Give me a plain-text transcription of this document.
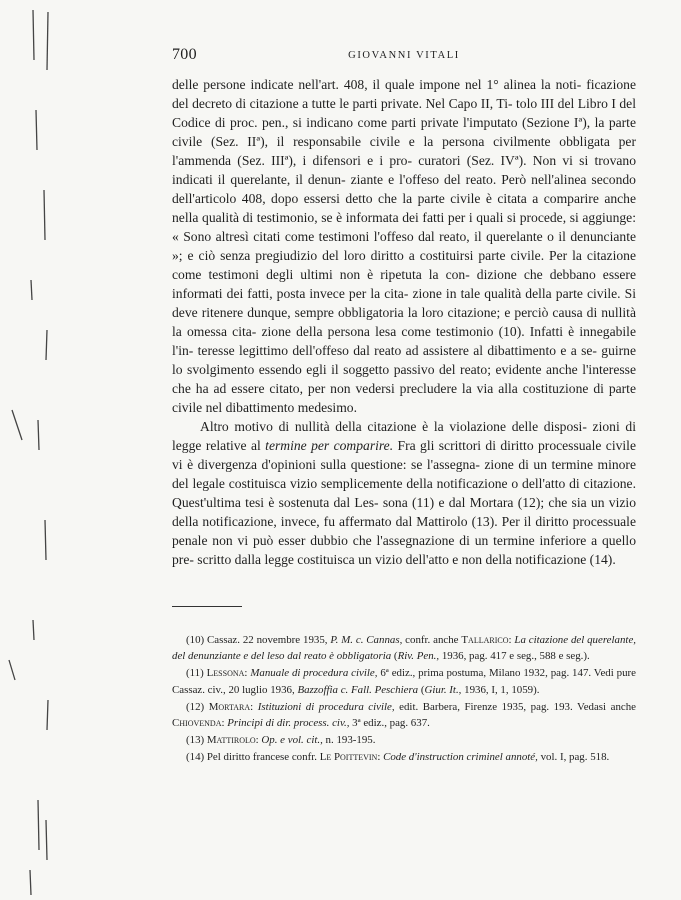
700	GIOVANNI VITALI

delle persone indicate nell'art. 408, il quale impone nel 1° alinea la noti- ficazione del decreto di citazione a tutte le parti private. Nel Capo II, Ti- tolo III del Libro I del Codice di proc. pen., si indicano come parti private l'imputato (Sezione Iª), la parte civile (Sez. IIª), il responsabile civile e la persona civilmente obbligata per l'ammenda (Sez. IIIª), i difensori e i pro- curatori (Sez. IVª). Non vi si trovano indicati il querelante, il denun- ziante e l'offeso del reato. Però nell'alinea secondo dell'articolo 408, dopo essersi detto che la parte civile è citata a comparire anche nella qualità di testimonio, se è informata dei fatti per i quali si procede, si aggiunge: « Sono altresì citati come testimoni l'offeso dal reato, il querelante o il denunciante »; e ciò senza pregiudizio del loro diritto a costituirsi parte civile. Per la citazione come testimoni degli ultimi non è ripetuta la con- dizione che debbano essere informati dei fatti, posta invece per la cita- zione in tale qualità della parte civile. Si deve ritenere dunque, sempre obbligatoria la loro citazione; e perciò causa di nullità la omessa cita- zione della persona lesa come testimonio (10). Infatti è innegabile l'in- teresse legittimo dell'offeso dal reato ad assistere al dibattimento e a se- guirne lo svolgimento essendo egli il soggetto passivo del reato; evidente anche l'interesse che ha ad essere citato, per non vedersi precludere la via alla costituzione di parte civile nel dibattimento medesimo.

Altro motivo di nullità della citazione è la violazione delle disposi- zioni di legge relative al termine per comparire. Fra gli scrittori di diritto processuale civile vi è divergenza d'opinioni sulla questione: se l'assegna- zione di un termine minore del legale costituisca vizio semplicemente della notificazione o dell'atto di citazione. Quest'ultima tesi è sostenuta dal Les- sona (11) e dal Mortara (12); che sia un vizio della notificazione, invece, fu affermato dal Mattirolo (13). Per il diritto processuale penale non vi può esser dubbio che l'assegnazione di un termine inferiore a quello pre- scritto dalla legge costituisca un vizio dell'atto e non della notificazione (14).

(10) Cassaz. 22 novembre 1935, P. M. c. Cannas, confr. anche Tallarico: La citazione del querelante, del denunziante e del leso dal reato è obbligatoria (Riv. Pen., 1936, pag. 417 e seg., 588 e seg.).

(11) Lessona: Manuale di procedura civile, 6ª ediz., prima postuma, Milano 1932, pag. 147. Vedi pure Cassaz. civ., 20 luglio 1936, Bazzoffia c. Fall. Peschiera (Giur. It., 1936, I, 1, 1059).

(12) Mortara: Istituzioni di procedura civile, edit. Barbera, Firenze 1935, pag. 193. Vedasi anche Chiovenda: Principi di dir. process. civ., 3ª ediz., pag. 637.

(13) Mattirolo: Op. e vol. cit., n. 193-195.

(14) Pel diritto francese confr. Le Poittevin: Code d'instruction criminel annoté, vol. I, pag. 518.
